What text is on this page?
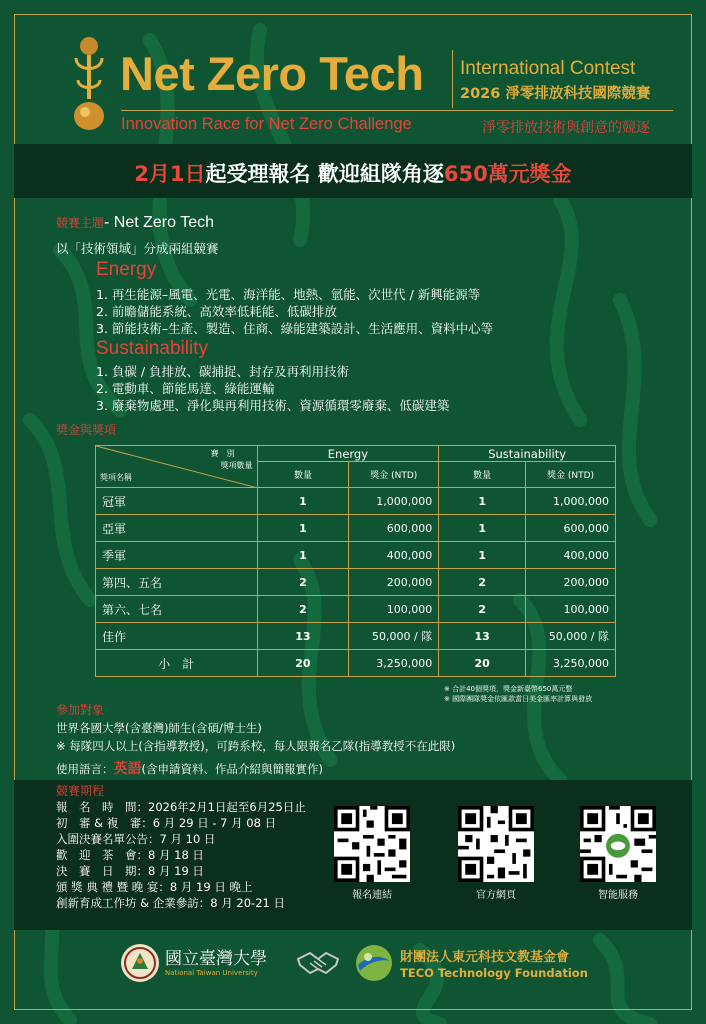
Net Zero Tech
Innovation Race for Net Zero Challenge
International Contest
2026 淨零排放科技國際競賽
淨零排放技術與創意的競逐
2月1日起受理報名 歡迎組隊角逐650萬元獎金
競賽主題- Net Zero Tech
以「技術領域」分成兩組競賽
Energy
1. 再生能源–風電、光電、海洋能、地熱、氫能、次世代 / 新興能源等
2. 前瞻儲能系統、高效率低耗能、低碳排放
3. 節能技術–生產、製造、住商、綠能建築設計、生活應用、資料中心等
Sustainability
1. 負碳 / 負排放、碳捕捉、封存及再利用技術
2. 電動車、節能馬達、綠能運輸
3. 廢棄物處理、淨化與再利用技術、資源循環零廢棄、低碳建築
獎金與獎項
賽　別
獎項數量
獎項名稱	Energy		Sustainability	
	數量	獎金 (NTD)	數量	獎金 (NTD)
冠軍	1	1,000,000	1	1,000,000
亞軍	1	600,000	1	600,000
季軍	1	400,000	1	400,000
第四、五名	2	200,000	2	200,000
第六、七名	2	100,000	2	100,000
佳作	13	50,000 / 隊	13	50,000 / 隊
小　計	20	3,250,000	20	3,250,000
※ 合計40個獎項，獎金新臺幣650萬元整
※ 國際團隊獎金依匯款當日美金匯率計算與發放
參加對象
世界各國大學(含臺灣)師生(含碩/博士生)
※ 每隊四人以上(含指導教授)，可跨系校，每人限報名乙隊(指導教授不在此限)
使用語言：英語(含申請資料、作品介紹與簡報實作)
競賽期程
報　名　時　間：2026年2月1日起至6月25日止
初　審 & 複　審：6 月 29 日 - 7 月 08 日
入圍決賽名單公告：7 月 10 日
歡　迎　茶　會：8 月 18 日
決　賽　日　期：8 月 19 日
頒 獎 典 禮 暨 晚 宴：8 月 19 日 晚上
創新育成工作坊 & 企業參訪：8 月 20-21 日
報名連結	官方網頁	智能服務
國立臺灣大學
National Taiwan University
財團法人東元科技文教基金會
TECO Technology Foundation
